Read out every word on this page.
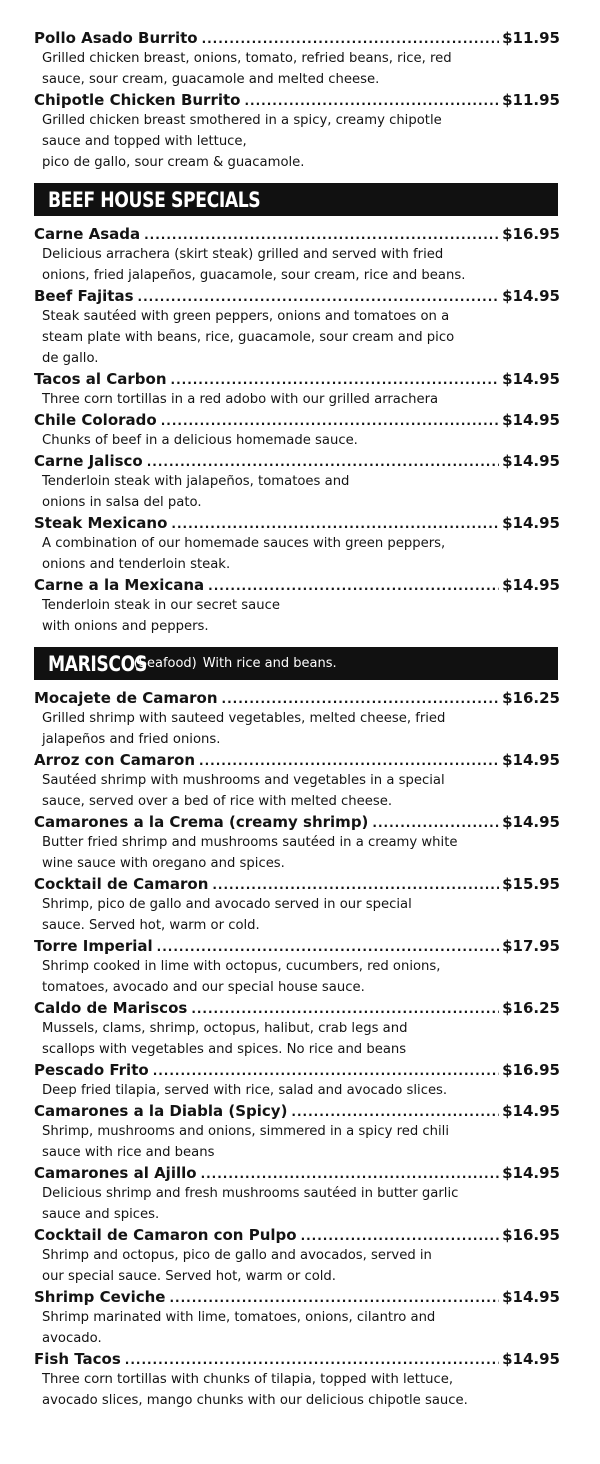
Pollo Asado Burrito .....	$11.95
Grilled chicken breast, onions, tomato, refried beans, rice, red
sauce, sour cream, guacamole and melted cheese.
Chipotle Chicken Burrito .....	$11.95
Grilled chicken breast smothered in a spicy, creamy chipotle
sauce and topped with lettuce,
pico de gallo, sour cream & guacamole.
BEEF HOUSE SPECIALS
Carne Asada .....	$16.95
Delicious arrachera (skirt steak) grilled and served with fried
onions, fried jalapeños, guacamole, sour cream, rice and beans.
Beef Fajitas .....	$14.95
Steak sautéed with green peppers, onions and tomatoes on a
steam plate with beans, rice, guacamole, sour cream and pico
de gallo.
Tacos al Carbon .....	$14.95
Three corn tortillas in a red adobo with our grilled arrachera
Chile Colorado .....	$14.95
Chunks of beef in a delicious homemade sauce.
Carne Jalisco .....	$14.95
Tenderloin steak with jalapeños, tomatoes and
onions in salsa del pato.
Steak Mexicano .....	$14.95
A combination of our homemade sauces with green peppers,
onions and tenderloin steak.
Carne a la Mexicana .....	$14.95
Tenderloin steak in our secret sauce
with onions and peppers.
MARISCOS
(Seafood) With rice and beans.
Mocajete de Camaron .....	$16.25
Grilled shrimp with sauteed vegetables, melted cheese, fried
jalapeños and fried onions.
Arroz con Camaron .....	$14.95
Sautéed shrimp with mushrooms and vegetables in a special
sauce, served over a bed of rice with melted cheese.
Camarones a la Crema (creamy shrimp) .....	$14.95
Butter fried shrimp and mushrooms sautéed in a creamy white
wine sauce with oregano and spices.
Cocktail de Camaron .....	$15.95
Shrimp, pico de gallo and avocado served in our special
sauce. Served hot, warm or cold.
Torre Imperial .....	$17.95
Shrimp cooked in lime with octopus, cucumbers, red onions,
tomatoes, avocado and our special house sauce.
Caldo de Mariscos .....	$16.25
Mussels, clams, shrimp, octopus, halibut, crab legs and
scallops with vegetables and spices. No rice and beans
Pescado Frito .....	$16.95
Deep fried tilapia, served with rice, salad and avocado slices.
Camarones a la Diabla (Spicy) .....	$14.95
Shrimp, mushrooms and onions, simmered in a spicy red chili
sauce with rice and beans
Camarones al Ajillo .....	$14.95
Delicious shrimp and fresh mushrooms sautéed in butter garlic
sauce and spices.
Cocktail de Camaron con Pulpo .....	$16.95
Shrimp and octopus, pico de gallo and avocados, served in
our special sauce. Served hot, warm or cold.
Shrimp Ceviche .....	$14.95
Shrimp marinated with lime, tomatoes, onions, cilantro and
avocado.
Fish Tacos .....	$14.95
Three corn tortillas with chunks of tilapia, topped with lettuce,
avocado slices, mango chunks with our delicious chipotle sauce.
